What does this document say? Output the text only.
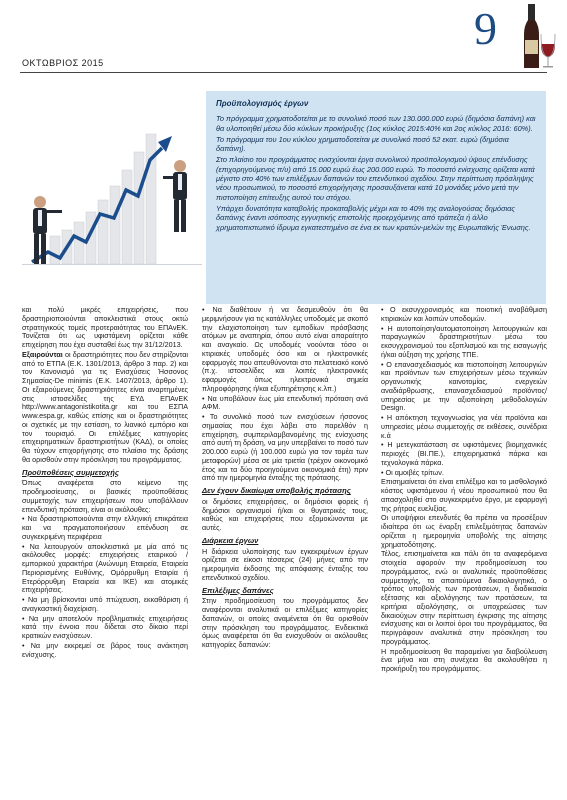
ΟΚΤΩΒΡΙΟΣ 2015
9

Προϋπολογισμός έργων

Το πρόγραμμα χρηματοδοτείται με το συνολικό ποσό των 130.000.000 ευρώ (δημόσια δαπάνη) και θα υλοποιηθεί μέσω δύο κύκλων προκήρυξης (1ος κύκλος 2015:40% και 2ος κύκλος 2016: 60%).

Το πρόγραμμα του 1ου κύκλου χρηματοδοτείται με συνολικό ποσό 52 εκατ. ευρώ (δημόσια δαπάνη).

Στο πλαίσιο του προγράμματος ενισχύονται έργα συνολικού προϋπολογισμού ύψους επένδυσης (επιχορηγούμενος π/υ) από 15.000 ευρώ έως 200.000 ευρώ. Το ποσοστό ενίσχυσης ορίζεται κατά μέγιστο στο 40% των επιλέξιμων δαπανών του επενδυτικού σχεδίου. Στην περίπτωση πρόσληψης νέου προσωπικού, το ποσοστό επιχορήγησης προσαυξάνεται κατά 10 μονάδες μόνο μετά την πιστοποίηση επίτευξης αυτού του στόχου.

Υπάρχει δυνατότητα καταβολής προκαταβολής μέχρι και το 40% της αναλογούσας δημόσιας δαπάνης έναντι ισόποσης εγγυητικής επιστολής προερχόμενης από τράπεζα ή άλλο χρηματοπιστωτικό ίδρυμα εγκατεστημένο σε ένα εκ των κρατών-μελών της Ευρωπαϊκής Ένωσης.

και πολύ μικρές επιχειρήσεις, που δραστηριοποιούνται αποκλειστικά στους οκτώ στρατηγικούς τομείς προτεραιότητας του ΕΠΑνΕΚ. Τονίζεται ότι ως υφιστάμενη ορίζεται κάθε επιχείρηση που έχει συσταθεί έως την 31/12/2013.

Εξαιρούνται οι δραστηριότητες που δεν στηρίζονται από το ΕΤΠΑ (Ε.Κ. 1301/2013, άρθρο 3 παρ. 2) και τον Κανονισμό για τις Ενισχύσεις Ήσσονος Σημασίας-De minimis (Ε.Κ. 1407/2013, άρθρο 1). Οι εξαιρούμενες δραστηριότητες είναι αναρτημένες στις ιστοσελίδες της ΕΥΔ ΕΠΑνΕΚ http://www.antagonistikotita.gr και του ΕΣΠΑ www.espa.gr, καθώς επίσης και οι δραστηριότητες οι σχετικές με την εστίαση, το λιανικό εμπόριο και τον τουρισμό. Οι επιλέξιμες κατηγορίες επιχειρηματικών δραστηριοτήτων (ΚΑΔ), οι οποίες θα τύχουν επιχορήγησης στο πλαίσιο της δράσης θα ορισθούν στην πρόσκληση του προγράμματος.

Προϋποθέσεις συμμετοχής

Όπως αναφέρεται στο κείμενο της προδημοσίευσης, οι βασικές προϋποθέσεις συμμετοχής των επιχειρήσεων που υποβάλλουν επενδυτική πρόταση, είναι οι ακόλουθες:

• Να δραστηριοποιούνται στην ελληνική επικράτεια και να πραγματοποιήσουν επένδυση σε συγκεκριμένη περιφέρεια

• Να λειτουργούν αποκλειστικά με μία από τις ακόλουθες μορφές: επιχειρήσεις εταιρικού / εμπορικού χαρακτήρα (Ανώνυμη Εταιρεία, Εταιρεία Περιορισμένης Ευθύνης, Ομόρρυθμη Εταιρία ή Ετερόρρυθμη Εταιρεία και ΙΚΕ) και ατομικές επιχειρήσεις.

• Να μη βρίσκονται υπό πτώχευση, εκκαθάριση ή αναγκαστική διαχείριση.

• Να μην αποτελούν προβληματικές επιχειρήσεις κατά την έννοια που δίδεται στο δίκαιο περί κρατικών ενισχύσεων.

• Να μην εκκρεμεί σε βάρος τους ανάκτηση ενίσχυσης.

• Να διαθέτουν ή να δεσμευθούν ότι θα μεριμνήσουν για τις κατάλληλες υποδομές με σκοπό την ελαχιστοποίηση των εμποδίων πρόσβασης ατόμων με αναπηρία, όπου αυτό είναι απαραίτητο και αναγκαίο. Ως υποδομές νοούνται τόσο οι κτιριακές υποδομές όσο και οι ηλεκτρονικές εφαρμογές που απευθύνονται στο πελατειακό κοινό (π.χ. ιστοσελίδες και λοιπές ηλεκτρονικές εφαρμογές όπως ηλεκτρονικά σημεία πληροφόρησης ή/και εξυπηρέτησης κ.λπ.)

• Να υποβάλουν έως μία επενδυτική πρόταση ανά ΑΦΜ.

• Το συνολικό ποσό των ενισχύσεων ήσσονος σημασίας που έχει λάβει στο παρελθόν η επιχείρηση, συμπεριλαμβανομένης της ενίσχυσης από αυτή τη δράση, να μην υπερβαίνει το ποσό των 200.000 ευρώ (ή 100.000 ευρώ για τον τομέα των μεταφορών) μέσα σε μία τριετία (τρέχον οικονομικό έτος και τα δύο προηγούμενα οικονομικά έτη) πριν από την ημερομηνία ένταξης της πρότασης.

Δεν έχουν δικαίωμα υποβολής πρότασης

οι δημόσιες επιχειρήσεις, οι δημόσιοι φορείς ή δημόσιοι οργανισμοί ή/και οι θυγατρικές τους, καθώς και επιχειρήσεις που εξομοιώνονται με αυτές.

Διάρκεια έργων

Η διάρκεια υλοποίησης των εγκεκριμένων έργων ορίζεται σε είκοσι τέσσερις (24) μήνες από την ημερομηνία έκδοσης της απόφασης ένταξης του επενδυτικού σχεδίου.

Επιλέξιμες δαπάνες

Στην προδημοσίευση του προγράμματος δεν αναφέρονται αναλυτικά οι επιλέξιμες κατηγορίες δαπανών, οι οποίες αναμένεται ότι θα ορισθούν στην πρόσκληση του προγράμματος. Ενδεικτικά όμως αναφέρεται ότι θα ενισχυθούν οι ακόλουθες κατηγορίες δαπανών:

• Ο εκσυγχρονισμός και ποιοτική αναβάθμιση κτιριακών και λοιπών υποδομών.

• Η αυτοποίηση/αυτοματοποίηση λειτουργικών και παραγωγικών δραστηριοτήτων μέσω του εκσυγχρονισμού του εξοπλισμού και της εισαγωγής ή/και αύξηση της χρήσης ΤΠΕ.

• Ο επανασχεδιασμός και πιστοποίηση λειτουργιών και προϊόντων των επιχειρήσεων μέσω τεχνικών οργανωτικής καινοτομίας, ενεργειών αναδιάρθρωσης, επανασχεδιασμού προϊόντος/υπηρεσίας με την αξιοποίηση μεθοδολογιών Design.

• Η απόκτηση τεχνογνωσίας για νέα προϊόντα και υπηρεσίες μέσω συμμετοχής σε εκθέσεις, συνέδρια κ.ά

• Η μετεγκατάσταση σε υφιστάμενες βιομηχανικές περιοχές (ΒΙ.ΠΕ.), επιχειρηματικά πάρκα και τεχνολογικά πάρκα.

• Οι αμοιβές τρίτων.

Επισημαίνεται ότι είναι επιλέξιμο και το μισθολογικό κόστος υφιστάμενου ή νέου προσωπικού που θα απασχοληθεί στο συγκεκριμένο έργο, με εφαρμογή της ρήτρας ευελιξίας.

Οι υποψήφιοι επενδυτές θα πρέπει να προσέξουν ιδιαίτερα ότι ως έναρξη επιλεξιμότητας δαπανών ορίζεται η ημερομηνία υποβολής της αίτησης χρηματοδότησης.

Τέλος, επισημαίνεται και πάλι ότι τα αναφερόμενα στοιχεία αφορούν την προδημοσίευση του προγράμματος, ενώ οι αναλυτικές προϋποθέσεις συμμετοχής, τα απαιτούμενα δικαιολογητικά, ο τρόπος υποβολής των προτάσεων, η διαδικασία εξέτασης και αξιολόγησης των προτάσεων, τα κριτήρια αξιολόγησης, οι υποχρεώσεις των δικαιούχων στην περίπτωση έγκρισης της αίτησης ενίσχυσης και οι λοιποί όροι του προγράμματος, θα περιγράφουν αναλυτικά στην πρόσκληση του προγράμματος.

Η προδημοσίευση θα παραμείνει για διαβούλευση ένα μήνα και στη συνέχεια θα ακολουθήσει η προκήρυξη του προγράμματος.
